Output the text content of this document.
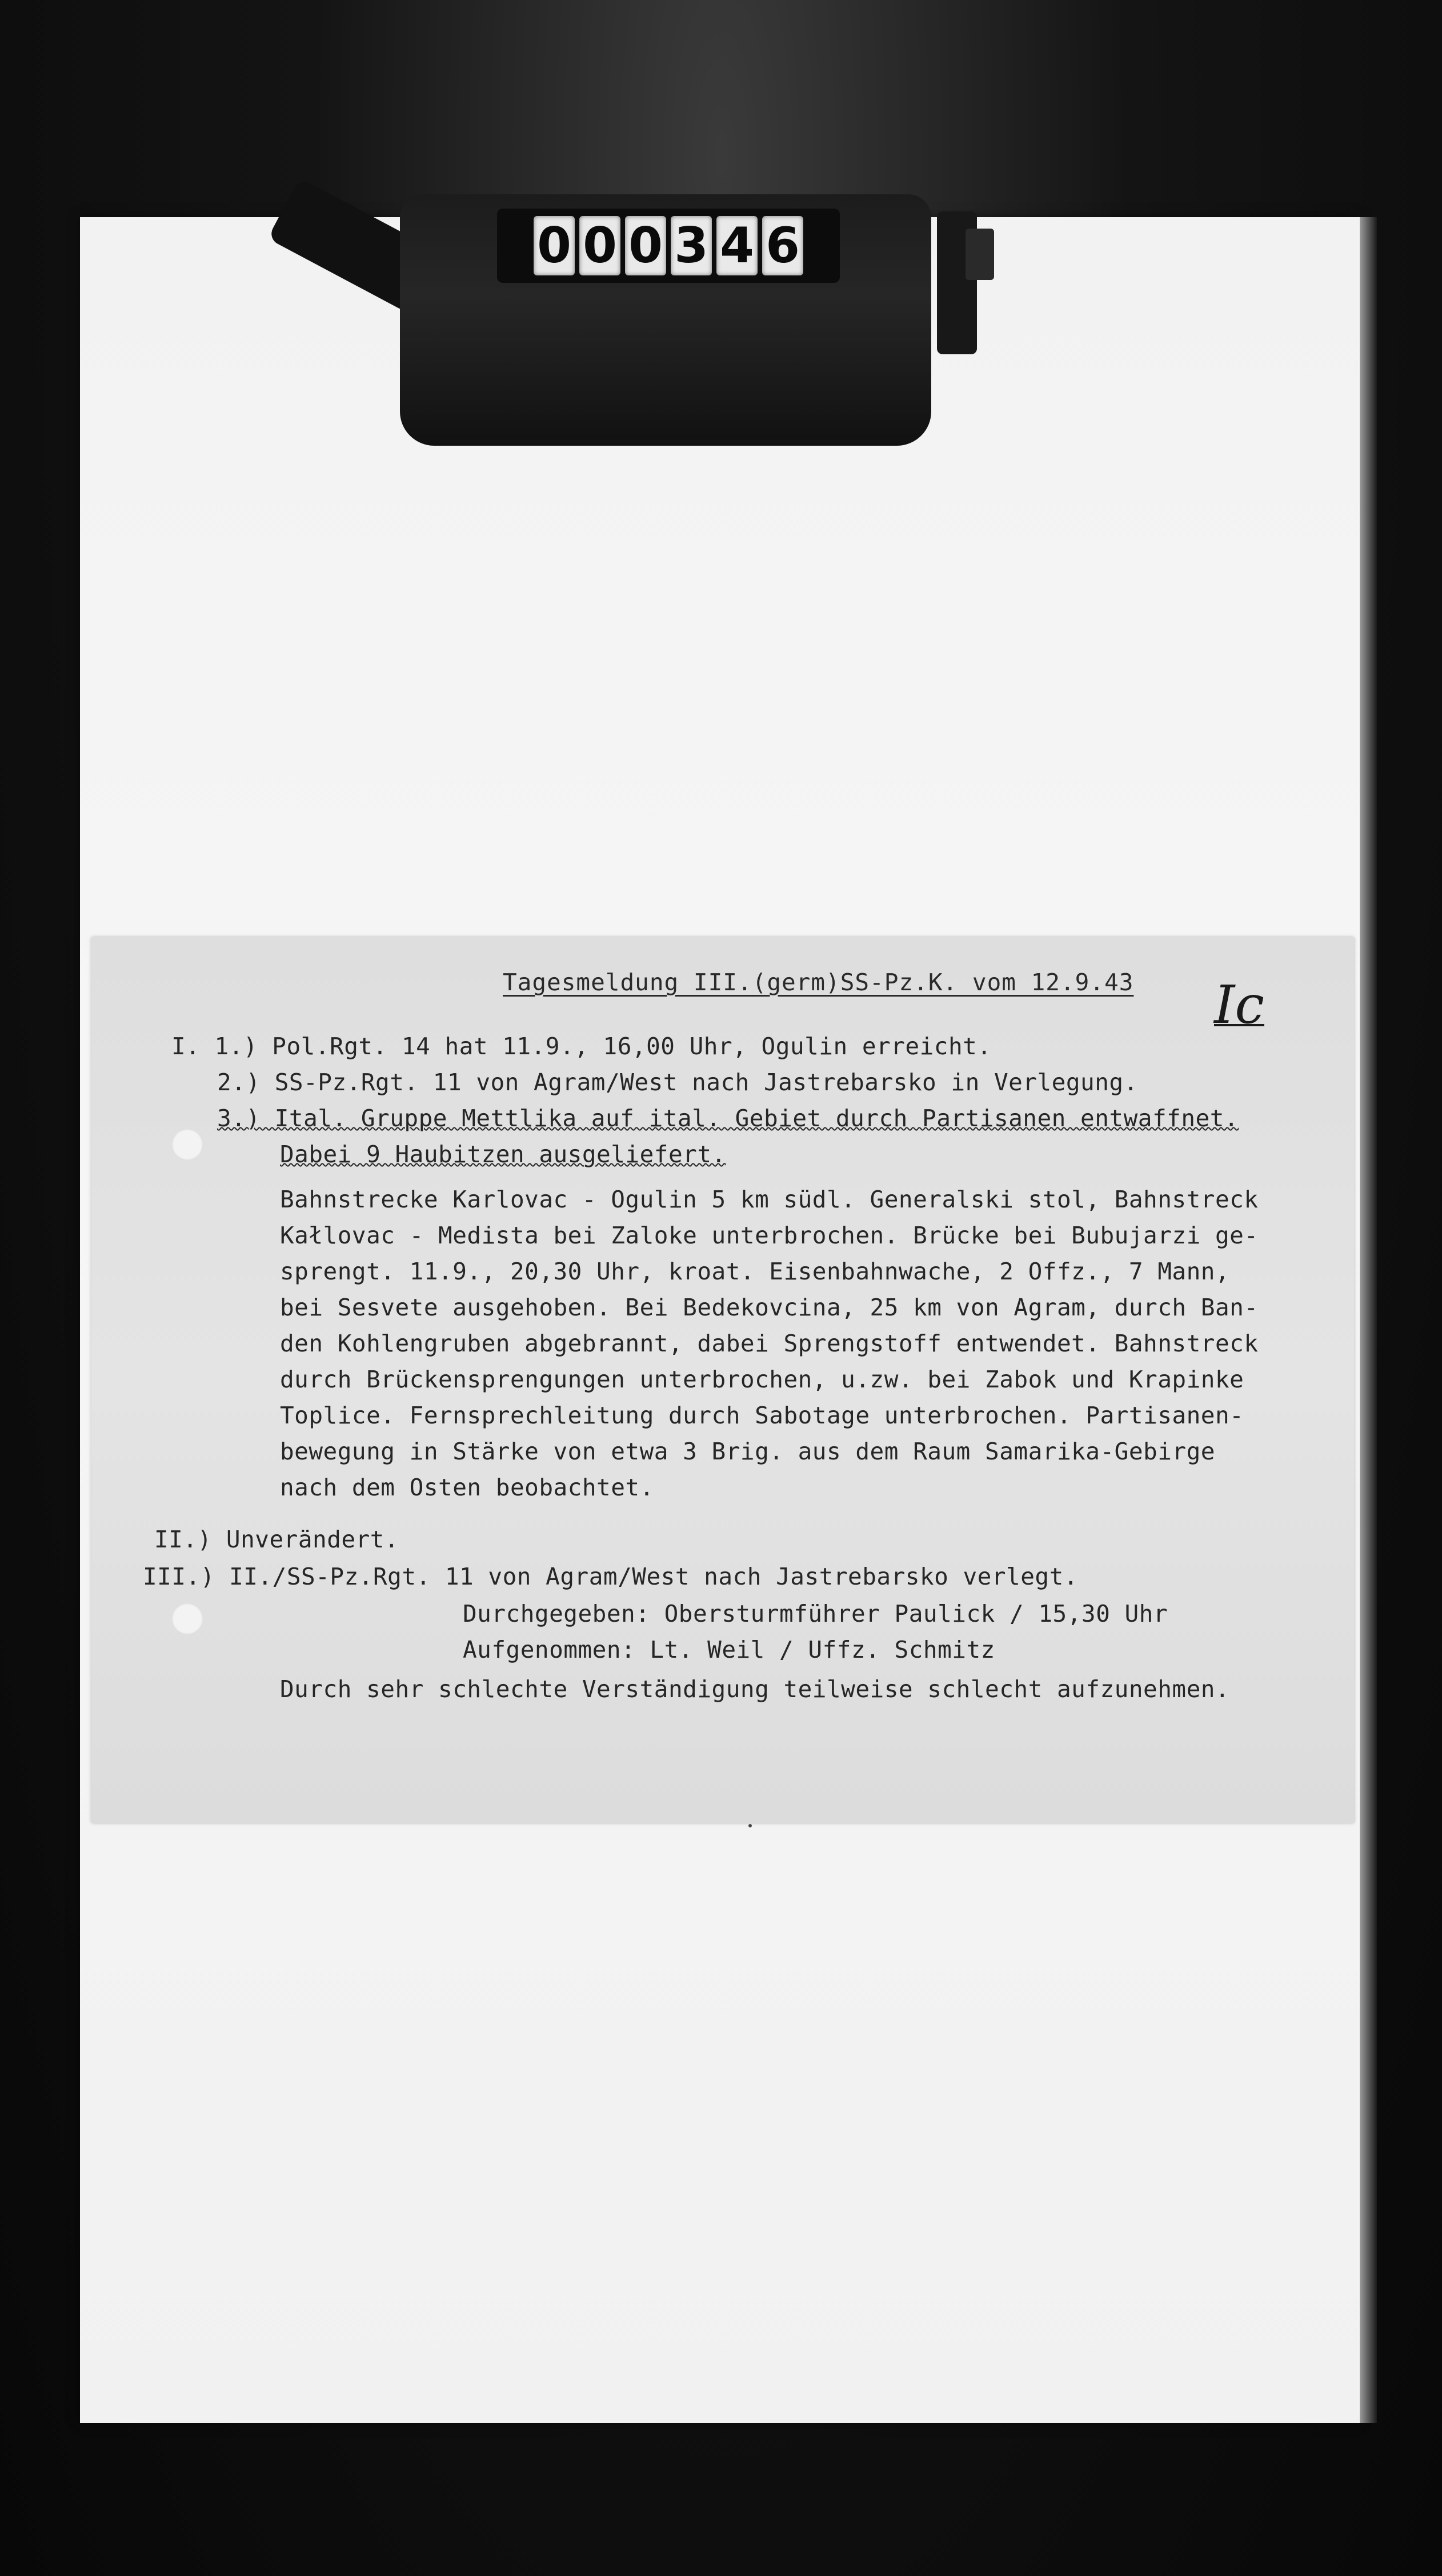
0 0 0 3 4 6
Tagesmeldung III.(germ)SS-Pz.K. vom 12.9.43 Ic
I. 1.) Pol.Rgt. 14 hat 11.9., 16,00 Uhr, Ogulin erreicht.
2.) SS-Pz.Rgt. 11 von Agram/West nach Jastrebarsko in Verlegung.
3.) Ital. Gruppe Mettlika auf ital. Gebiet durch Partisanen entwaffnet.
Dabei 9 Haubitzen ausgeliefert.
Bahnstrecke Karlovac - Ogulin 5 km südl. Generalski stol, Bahnstreck
Kałlovac - Medista bei Zaloke unterbrochen. Brücke bei Bubujarzi ge-
sprengt. 11.9., 20,30 Uhr, kroat. Eisenbahnwache, 2 Offz., 7 Mann,
bei Sesvete ausgehoben. Bei Bedekovcina, 25 km von Agram, durch Ban-
den Kohlengruben abgebrannt, dabei Sprengstoff entwendet. Bahnstreck
durch Brückensprengungen unterbrochen, u.zw. bei Zabok und Krapinke
Toplice. Fernsprechleitung durch Sabotage unterbrochen. Partisanen-
bewegung in Stärke von etwa 3 Brig. aus dem Raum Samarika-Gebirge
nach dem Osten beobachtet.
II.) Unverändert.
III.) II./SS-Pz.Rgt. 11 von Agram/West nach Jastrebarsko verlegt.
Durchgegeben: Obersturmführer Paulick / 15,30 Uhr
Aufgenommen: Lt. Weil / Uffz. Schmitz
Durch sehr schlechte Verständigung teilweise schlecht aufzunehmen.
